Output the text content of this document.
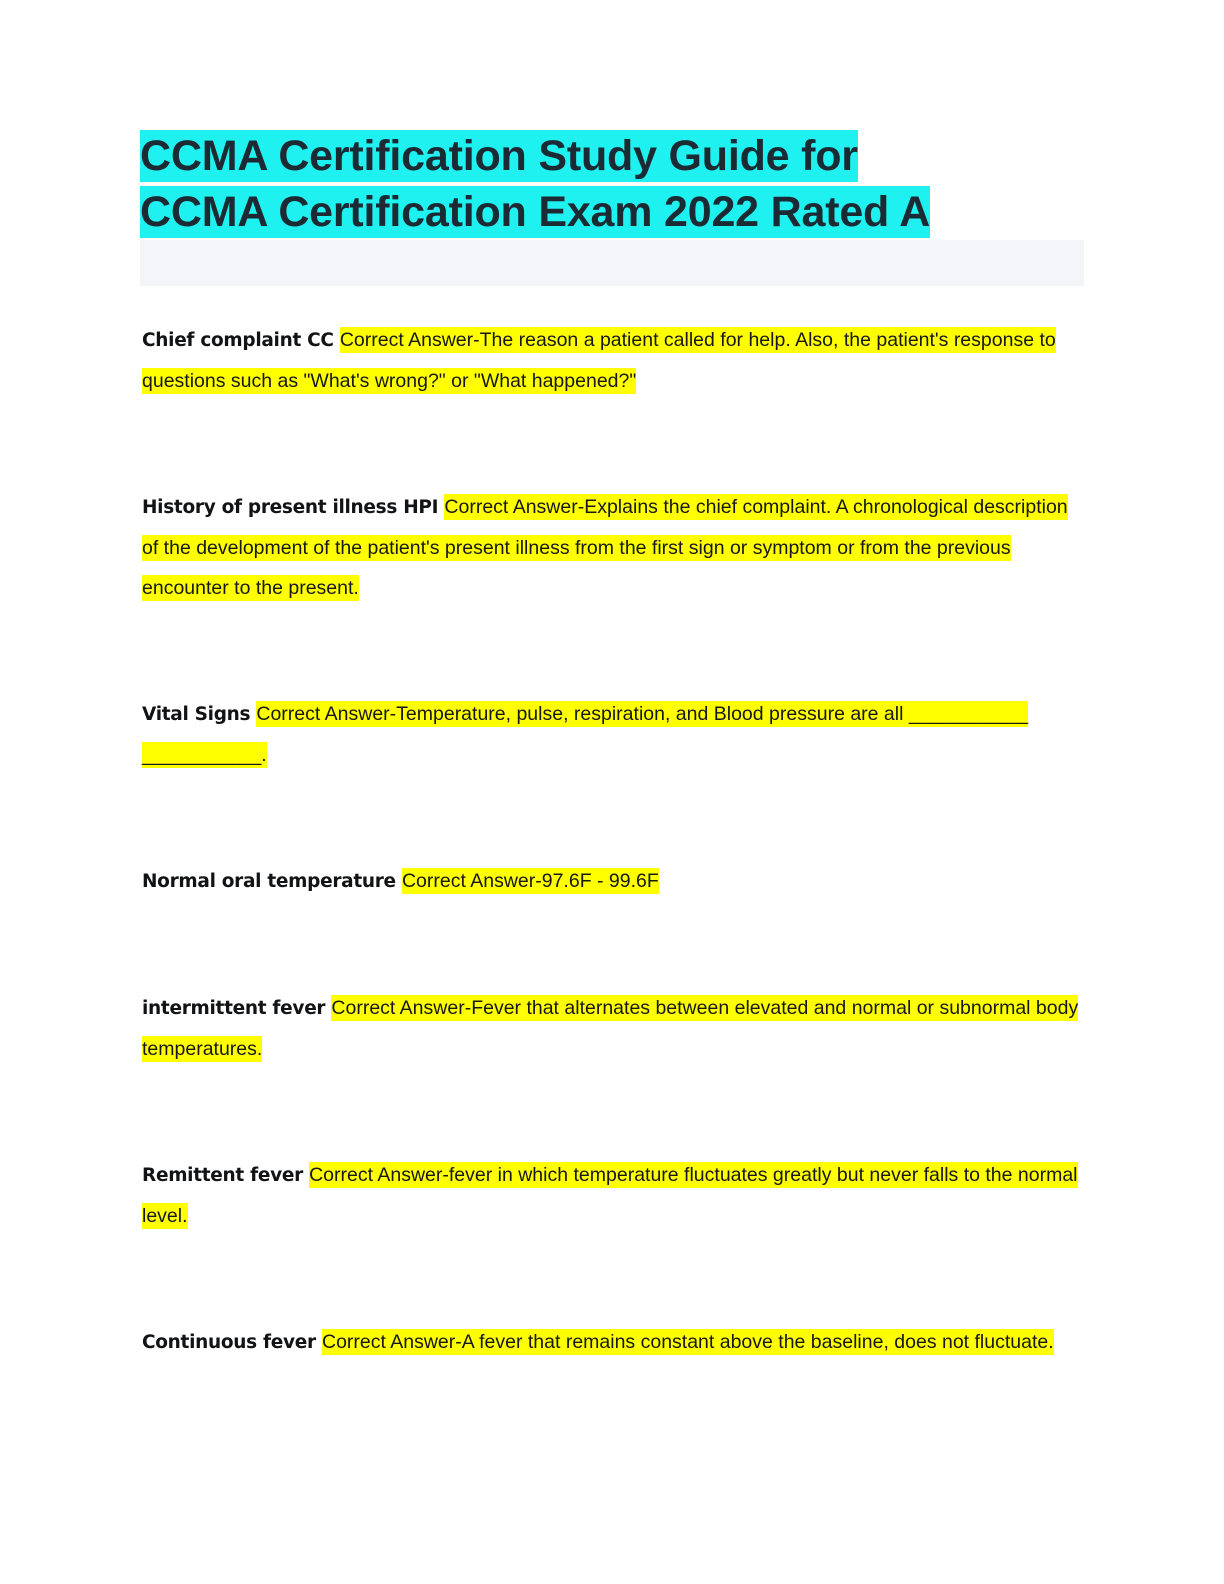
CCMA Certification Study Guide for
CCMA Certification Exam 2022 Rated A

Chief complaint CC Correct Answer-The reason a patient called for help. Also, the patient's response to questions such as "What's wrong?" or "What happened?"

History of present illness HPI Correct Answer-Explains the chief complaint. A chronological description of the development of the patient's present illness from the first sign or symptom or from the previous encounter to the present.

Vital Signs Correct Answer-Temperature, pulse, respiration, and Blood pressure are all ___________ ___________.

Normal oral temperature Correct Answer-97.6F - 99.6F

intermittent fever Correct Answer-Fever that alternates between elevated and normal or subnormal body temperatures.

Remittent fever Correct Answer-fever in which temperature fluctuates greatly but never falls to the normal level.

Continuous fever Correct Answer-A fever that remains constant above the baseline, does not fluctuate.
